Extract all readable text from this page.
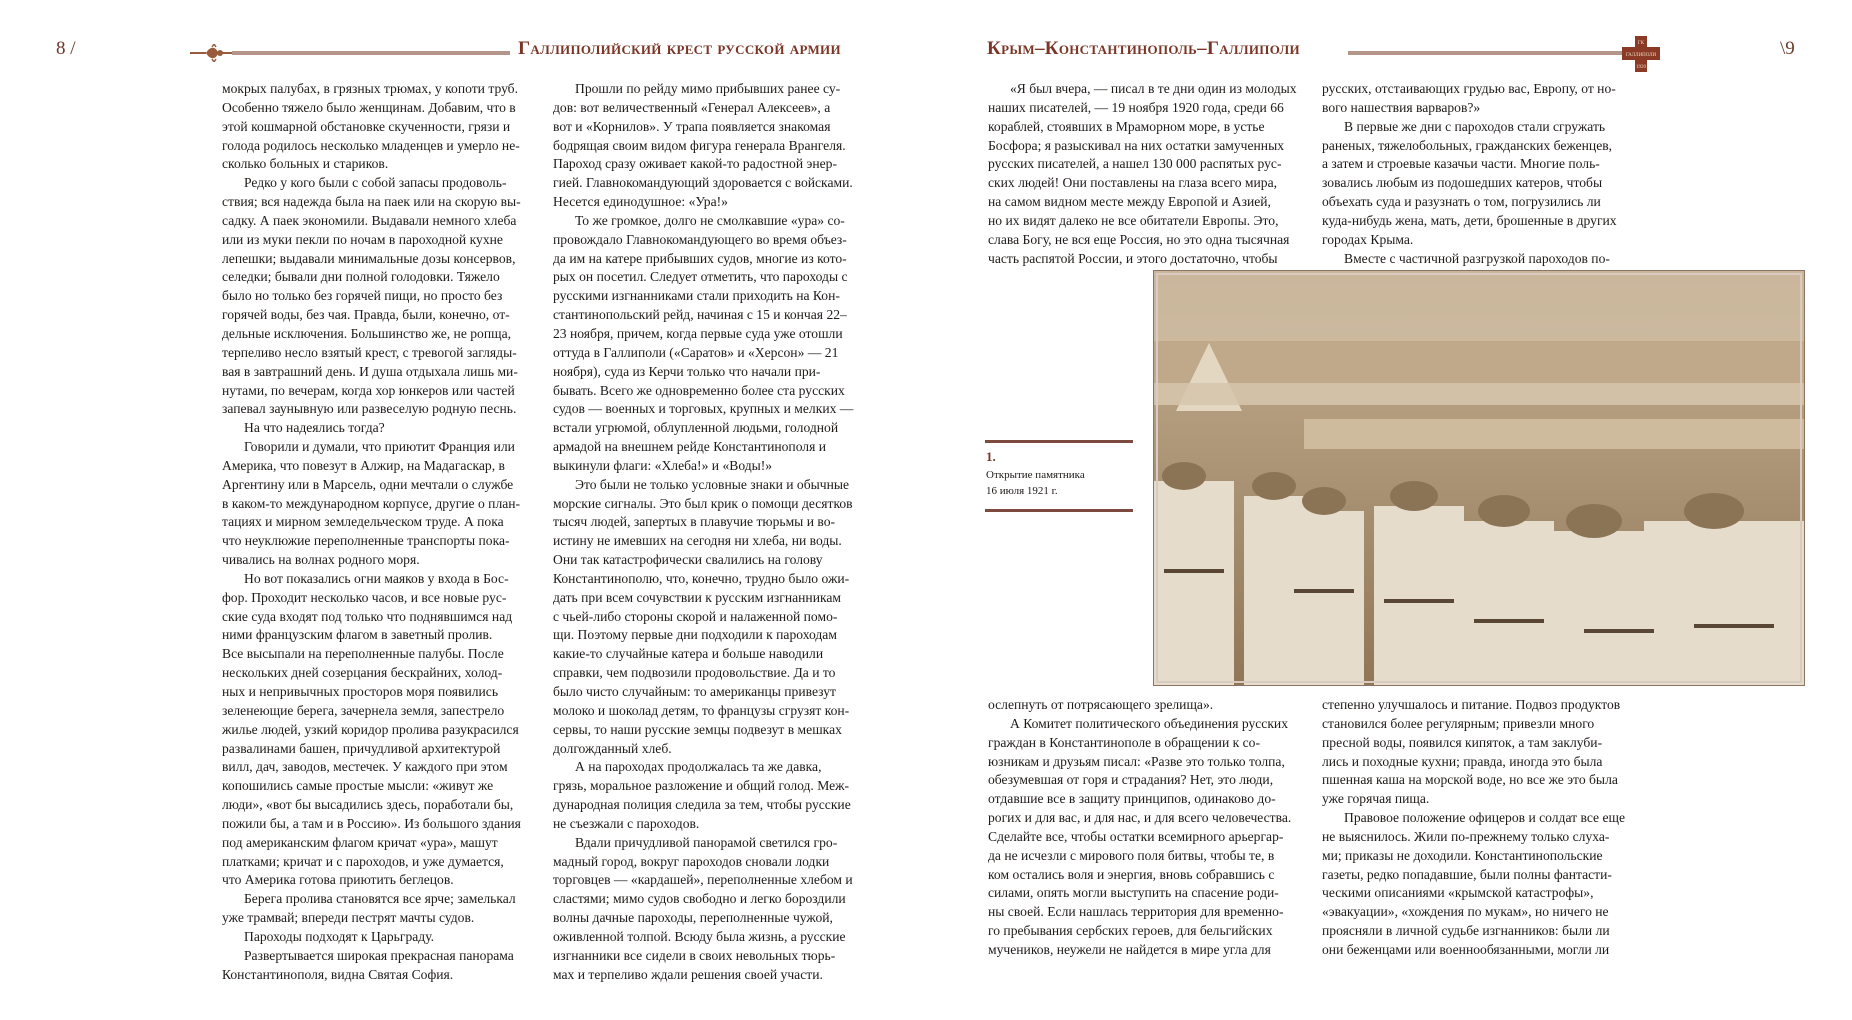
8 /	Галлиполийский крест русской армии	Крым–Константинополь–Галлиполи	ГК
ГАЛЛИПОЛИ
1920
\9

мокрых палубах, в грязных трюмах, у копоти труб.

Особенно тяжело было женщинам. Добавим, что в

этой кошмарной обстановке скученности, грязи и

голода родилось несколько младенцев и умерло не-

сколько больных и стариков.

Редко у кого были с собой запасы продоволь-

ствия; вся надежда была на паек или на скорую вы-

садку. А паек экономили. Выдавали немного хлеба

или из муки пекли по ночам в пароходной кухне

лепешки; выдавали минимальные дозы консервов,

селедки; бывали дни полной голодовки. Тяжело

было но только без горячей пищи, но просто без

горячей воды, без чая. Правда, были, конечно, от-

дельные исключения. Большинство же, не ропща,

терпеливо несло взятый крест, с тревогой загляды-

вая в завтрашний день. И душа отдыхала лишь ми-

нутами, по вечерам, когда хор юнкеров или частей

запевал заунывную или развеселую родную песнь.

На что надеялись тогда?

Говорили и думали, что приютит Франция или

Америка, что повезут в Алжир, на Мадагаскар, в

Аргентину или в Марсель, одни мечтали о службе

в каком-то международном корпусе, другие о план-

тациях и мирном земледельческом труде. А пока

что неуклюжие переполненные транспорты пока-

чивались на волнах родного моря.

Но вот показались огни маяков у входа в Бос-

фор. Проходит несколько часов, и все новые рус-

ские суда входят под только что поднявшимся над

ними французским флагом в заветный пролив.

Все высыпали на переполненные палубы. После

нескольких дней созерцания бескрайних, холод-

ных и непривычных просторов моря появились

зеленеющие берега, зачернела земля, запестрело

жилье людей, узкий коридор пролива разукрасился

развалинами башен, причудливой архитектурой

вилл, дач, заводов, местечек. У каждого при этом

копошились самые простые мысли: «живут же

люди», «вот бы высадились здесь, поработали бы,

пожили бы, а там и в Россию». Из большого здания

под американским флагом кричат «ура», машут

платками; кричат и с пароходов, и уже думается,

что Америка готова приютить беглецов.

Берега пролива становятся все ярче; замелькал

уже трамвай; впереди пестрят мачты судов.

Пароходы подходят к Царьграду.

Развертывается широкая прекрасная панорама

Константинополя, видна Святая София.

Прошли по рейду мимо прибывших ранее су-

дов: вот величественный «Генерал Алексеев», а

вот и «Корнилов». У трапа появляется знакомая

бодрящая своим видом фигура генерала Врангеля.

Пароход сразу оживает какой-то радостной энер-

гией. Главнокомандующий здоровается с войсками.

Несется единодушное: «Ура!»

То же громкое, долго не смолкавшие «ура» со-

провождало Главнокомандующего во время объез-

да им на катере прибывших судов, многие из кото-

рых он посетил. Следует отметить, что пароходы с

русскими изгнанниками стали приходить на Кон-

стантинопольский рейд, начиная с 15 и кончая 22–

23 ноября, причем, когда первые суда уже отошли

оттуда в Галлиполи («Саратов» и «Херсон» — 21

ноября), суда из Керчи только что начали при-

бывать. Всего же одновременно более ста русских

судов — военных и торговых, крупных и мелких —

встали угрюмой, облупленной людьми, голодной

армадой на внешнем рейде Константинополя и

выкинули флаги: «Хлеба!» и «Воды!»

Это были не только условные знаки и обычные

морские сигналы. Это был крик о помощи десятков

тысяч людей, запертых в плавучие тюрьмы и во-

истину не имевших на сегодня ни хлеба, ни воды.

Они так катастрофически свалились на голову

Константинополю, что, конечно, трудно было ожи-

дать при всем сочувствии к русским изгнанникам

с чьей-либо стороны скорой и налаженной помо-

щи. Поэтому первые дни подходили к пароходам

какие-то случайные катера и больше наводили

справки, чем подвозили продовольствие. Да и то

было чисто случайным: то американцы привезут

молоко и шоколад детям, то французы сгрузят кон-

сервы, то наши русские земцы подвезут в мешках

долгожданный хлеб.

А на пароходах продолжалась та же давка,

грязь, моральное разложение и общий голод. Меж-

дународная полиция следила за тем, чтобы русские

не съезжали с пароходов.

Вдали причудливой панорамой светился гро-

мадный город, вокруг пароходов сновали лодки

торговцев — «кардашей», переполненные хлебом и

сластями; мимо судов свободно и легко бороздили

волны дачные пароходы, переполненные чужой,

оживленной толпой. Всюду была жизнь, а русские

изгнанники все сидели в своих невольных тюрь-

мах и терпеливо ждали решения своей участи.

«Я был вчера, — писал в те дни один из молодых

наших писателей, — 19 ноября 1920 года, среди 66

кораблей, стоявших в Мраморном море, в устье

Босфора; я разыскивал на них остатки замученных

русских писателей, а нашел 130 000 распятых рус-

ских людей! Они поставлены на глаза всего мира,

на самом видном месте между Европой и Азией,

но их видят далеко не все обитатели Европы. Это,

слава Богу, не вся еще Россия, но это одна тысячная

часть распятой России, и этого достаточно, чтобы

русских, отстаивающих грудью вас, Европу, от но-

вого нашествия варваров?»

В первые же дни с пароходов стали сгружать

раненых, тяжелобольных, гражданских беженцев,

а затем и строевые казачьи части. Многие поль-

зовались любым из подошедших катеров, чтобы

объехать суда и разузнать о том, погрузились ли

куда-нибудь жена, мать, дети, брошенные в других

городах Крыма.

Вместе с частичной разгрузкой пароходов по-

ослепнуть от потрясающего зрелища».

А Комитет политического объединения русских

граждан в Константинополе в обращении к со-

юзникам и друзьям писал: «Разве это только толпа,

обезумевшая от горя и страдания? Нет, это люди,

отдавшие все в защиту принципов, одинаково до-

рогих и для вас, и для нас, и для всего человечества.

Сделайте все, чтобы остатки всемирного арьергар-

да не исчезли с мирового поля битвы, чтобы те, в

ком остались воля и энергия, вновь собравшись с

силами, опять могли выступить на спасение роди-

ны своей. Если нашлась территория для временно-

го пребывания сербских героев, для бельгийских

мучеников, неужели не найдется в мире угла для

степенно улучшалось и питание. Подвоз продуктов

становился более регулярным; привезли много

пресной воды, появился кипяток, а там заклуби-

лись и походные кухни; правда, иногда это была

пшенная каша на морской воде, но все же это была

уже горячая пища.

Правовое положение офицеров и солдат все еще

не выяснилось. Жили по-прежнему только слуха-

ми; приказы не доходили. Константинопольские

газеты, редко попадавшие, были полны фантасти-

ческими описаниями «крымской катастрофы»,

«эвакуации», «хождения по мукам», но ничего не

проясняли в личной судьбе изгнанников: были ли

они беженцами или военнообязанными, могли ли

1.
Открытие памятника
16 июля 1921 г.
